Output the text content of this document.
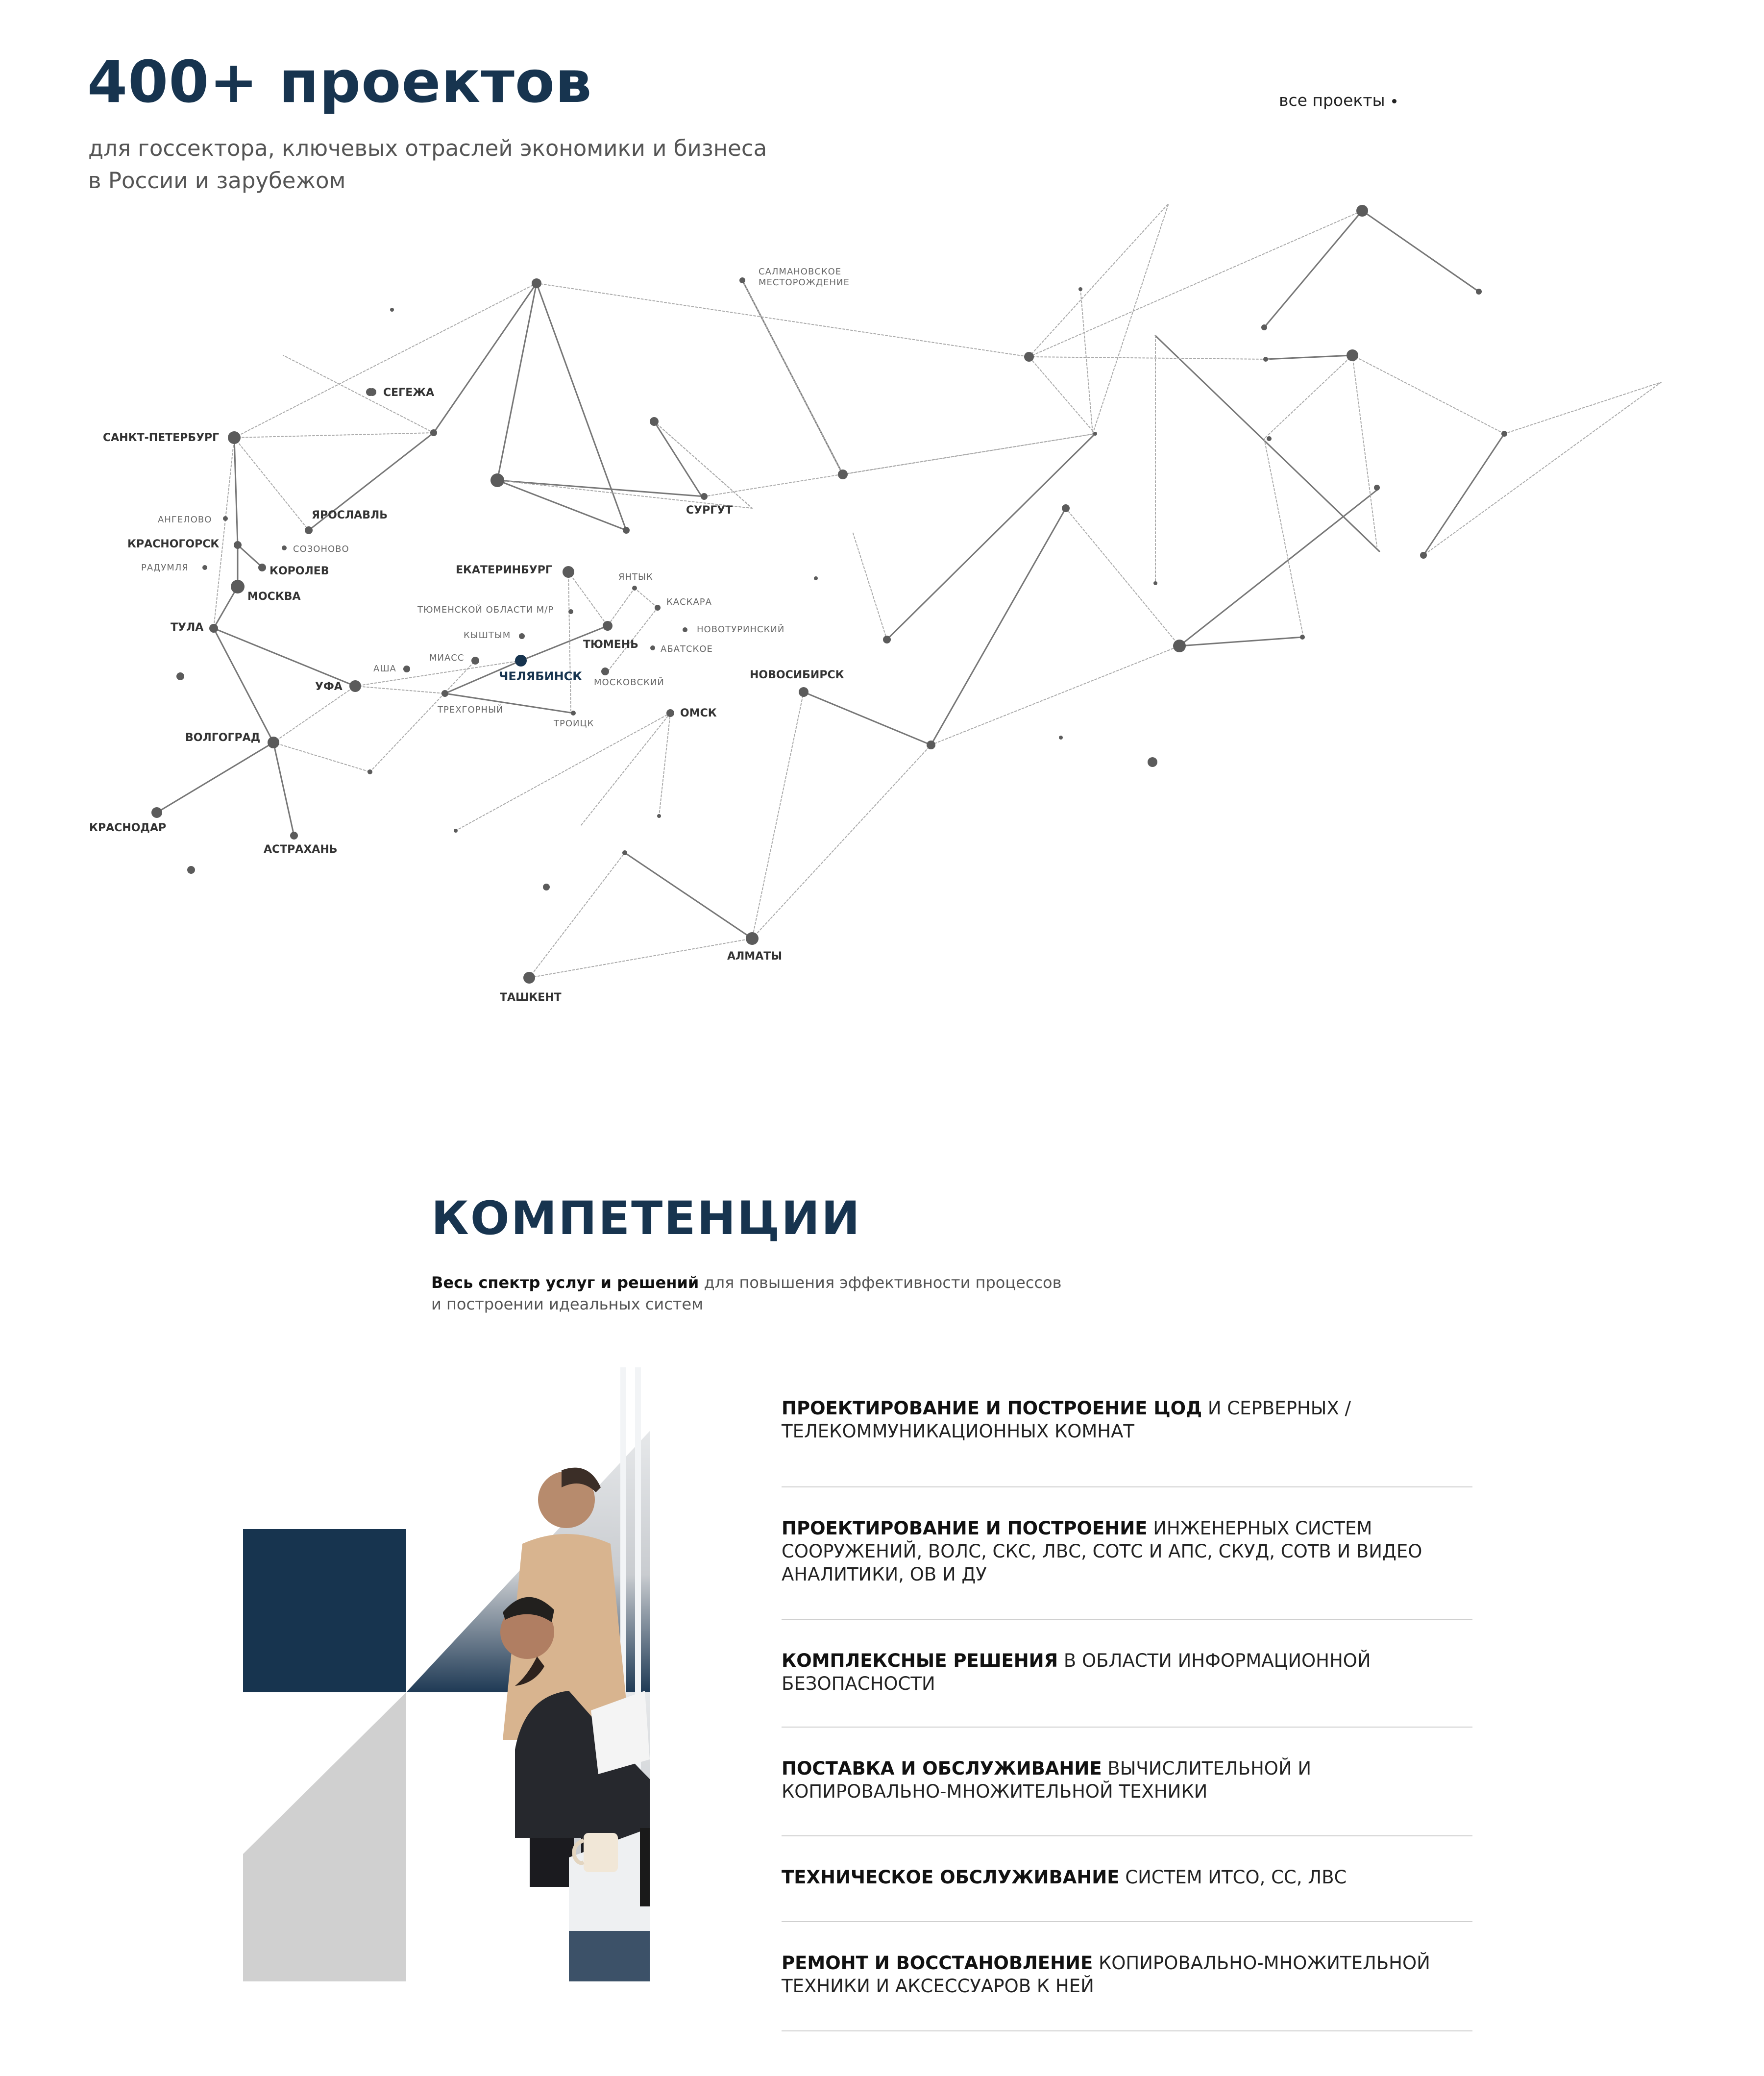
400+ проектов
для госсектора, ключевых отраслей экономики и бизнеса
в России и зарубежом
все проекты
САНКТ-ПЕТЕРБУРГ
СЕГЕЖА
ЯРОСЛАВЛЬ
АНГЕЛОВО
КРАСНОГОРСК	СОЗОНОВО
РАДУМЛЯ	КОРОЛЕВ
МОСКВА
ТУЛА
ЕКАТЕРИНБУРГ
ТЮМЕНСКОЙ ОБЛАСТИ М/Р
КЫШТЫМ
МИАСС
АША
УФА
ЧЕЛЯБИНСК
ТРЕХГОРНЫЙ
ТРОИЦК
ТЮМЕНЬ
МОСКОВСКИЙ
ЯНТЫК
КАСКАРА
НОВОТУРИНСКИЙ
АБАТСКОЕ
САЛМАНОВСКОЕ
МЕСТОРОЖДЕНИЕ
СУРГУТ
ОМСК
НОВОСИБИРСК
ВОЛГОГРАД
КРАСНОДАР
АСТРАХАНЬ
АЛМАТЫ
ТАШКЕНТ
КОМПЕТЕНЦИИ
Весь спектр услуг и решений для повышения эффективности процессов
и построении идеальных систем
ПРОЕКТИРОВАНИЕ И ПОСТРОЕНИЕ ЦОД И СЕРВЕРНЫХ / ТЕЛЕКОММУНИКАЦИОННЫХ КОМНАТ
ПРОЕКТИРОВАНИЕ И ПОСТРОЕНИЕ ИНЖЕНЕРНЫХ СИСТЕМ СООРУЖЕНИЙ, ВОЛС, СКС, ЛВС, СОТС И АПС, СКУД, СОТВ И ВИДЕО АНАЛИТИКИ, ОВ И ДУ
КОМПЛЕКСНЫЕ РЕШЕНИЯ В ОБЛАСТИ ИНФОРМАЦИОННОЙ БЕЗОПАСНОСТИ
ПОСТАВКА И ОБСЛУЖИВАНИЕ ВЫЧИСЛИТЕЛЬНОЙ И КОПИРОВАЛЬНО-МНОЖИТЕЛЬНОЙ ТЕХНИКИ
ТЕХНИЧЕСКОЕ ОБСЛУЖИВАНИЕ СИСТЕМ ИТСО, СС, ЛВС
РЕМОНТ И ВОССТАНОВЛЕНИЕ КОПИРОВАЛЬНО-МНОЖИТЕЛЬНОЙ ТЕХНИКИ И АКСЕССУАРОВ К НЕЙ
